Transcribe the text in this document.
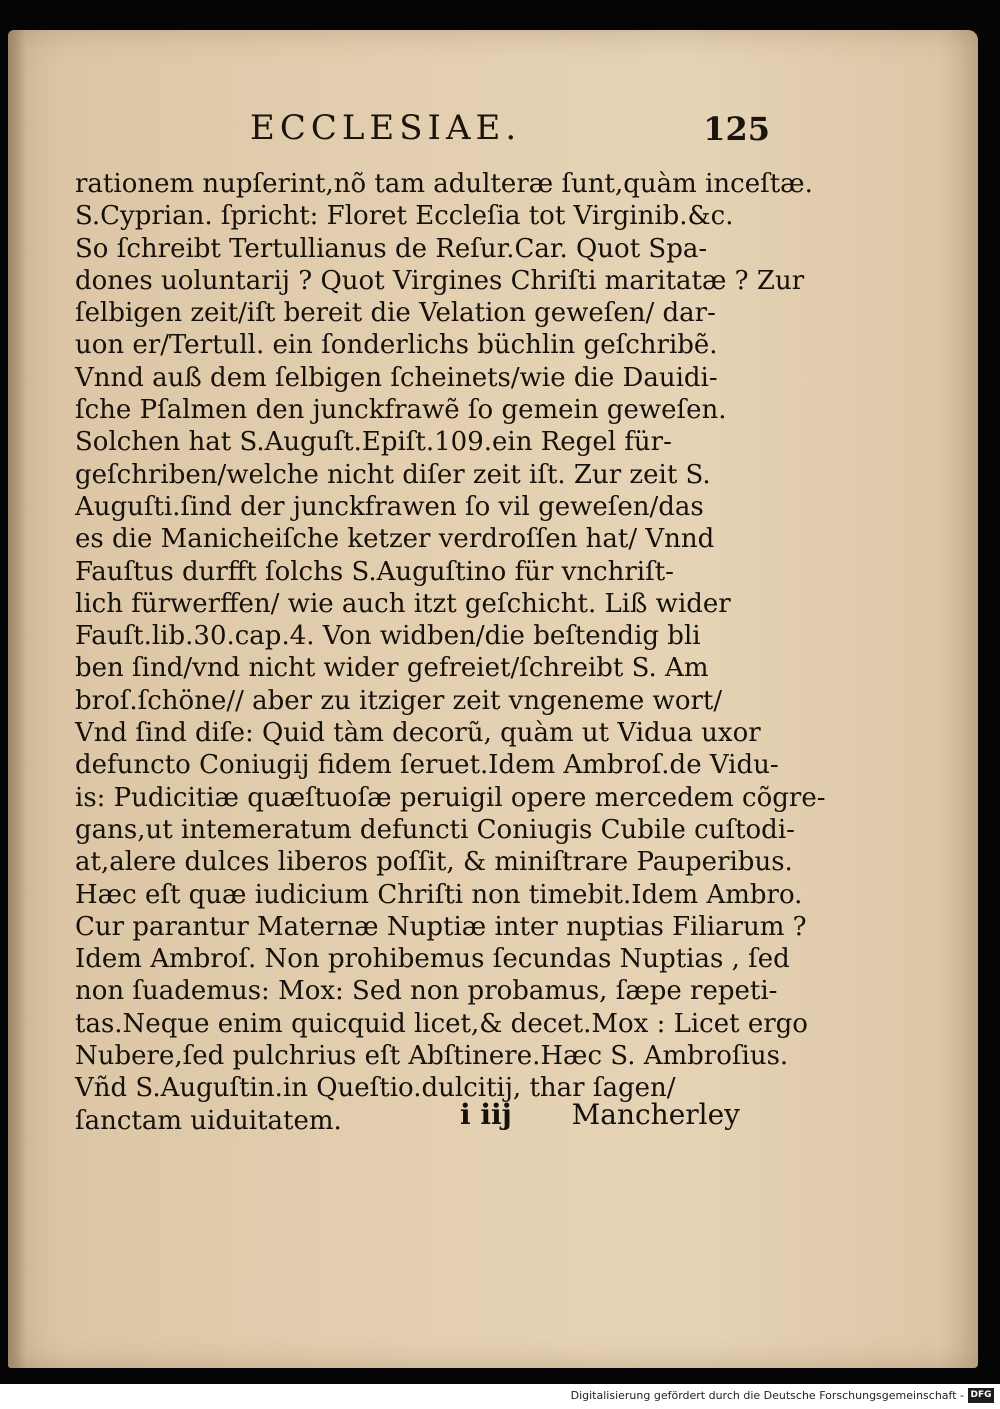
ECCLESIAE.	125
rationem nupſerint,nõ tam adulteræ ſunt,quàm inceſtæ.
S.Cyprian. ſpricht: Floret Eccleſia tot Virginib.&c.
So ſchreibt Tertullianus de Reſur.Car. Quot Spa-
dones uoluntarij ? Quot Virgines Chriſti maritatæ ? Zur
ſelbigen zeit/iſt bereit die Velation geweſen/ dar-
uon er/Tertull. ein ſonderlichs büchlin geſchribẽ.
Vnnd auß dem ſelbigen ſcheinets/wie die Dauidi-
ſche Pſalmen den junckfrawẽ ſo gemein geweſen.
Solchen hat S.Auguſt.Epiſt.109.ein Regel für-
geſchriben/welche nicht diſer zeit iſt. Zur zeit S.
Auguſti.ſind der junckfrawen ſo vil geweſen/das
es die Manicheiſche ketzer verdroſſen hat/ Vnnd
Fauſtus durfft ſolchs S.Auguſtino für vnchriſt-
lich fürwerffen/ wie auch itzt geſchicht. Liß wider
Fauſt.lib.30.cap.4. Von widben/die beſtendig bli
ben ſind/vnd nicht wider gefreiet/ſchreibt S. Am
broſ.ſchöne// aber zu itziger zeit vngeneme wort/
Vnd ſind diſe: Quid tàm decorũ, quàm ut Vidua uxor
defuncto Coniugij fidem ſeruet.Idem Ambroſ.de Vidu-
is: Pudicitiæ quæſtuoſæ peruigil opere mercedem cõgre-
gans,ut intemeratum defuncti Coniugis Cubile cuſtodi-
at,alere dulces liberos poſſit, & miniſtrare Pauperibus.
Hæc eſt quæ iudicium Chriſti non timebit.Idem Ambro.
Cur parantur Maternæ Nuptiæ inter nuptias Filiarum ?
Idem Ambroſ. Non prohibemus ſecundas Nuptias , ſed
non ſuademus: Mox: Sed non probamus, ſæpe repeti-
tas.Neque enim quicquid licet,& decet.Mox : Licet ergo
Nubere,ſed pulchrius eſt Abſtinere.Hæc S. Ambroſius.
Vñd S.Auguſtin.in Queſtio.dulcitij, thar ſagen/
ſanctam uiduitatem.	i iij Mancherley
Digitalisierung gefördert durch die Deutsche Forschungsgemeinschaft - DFG
